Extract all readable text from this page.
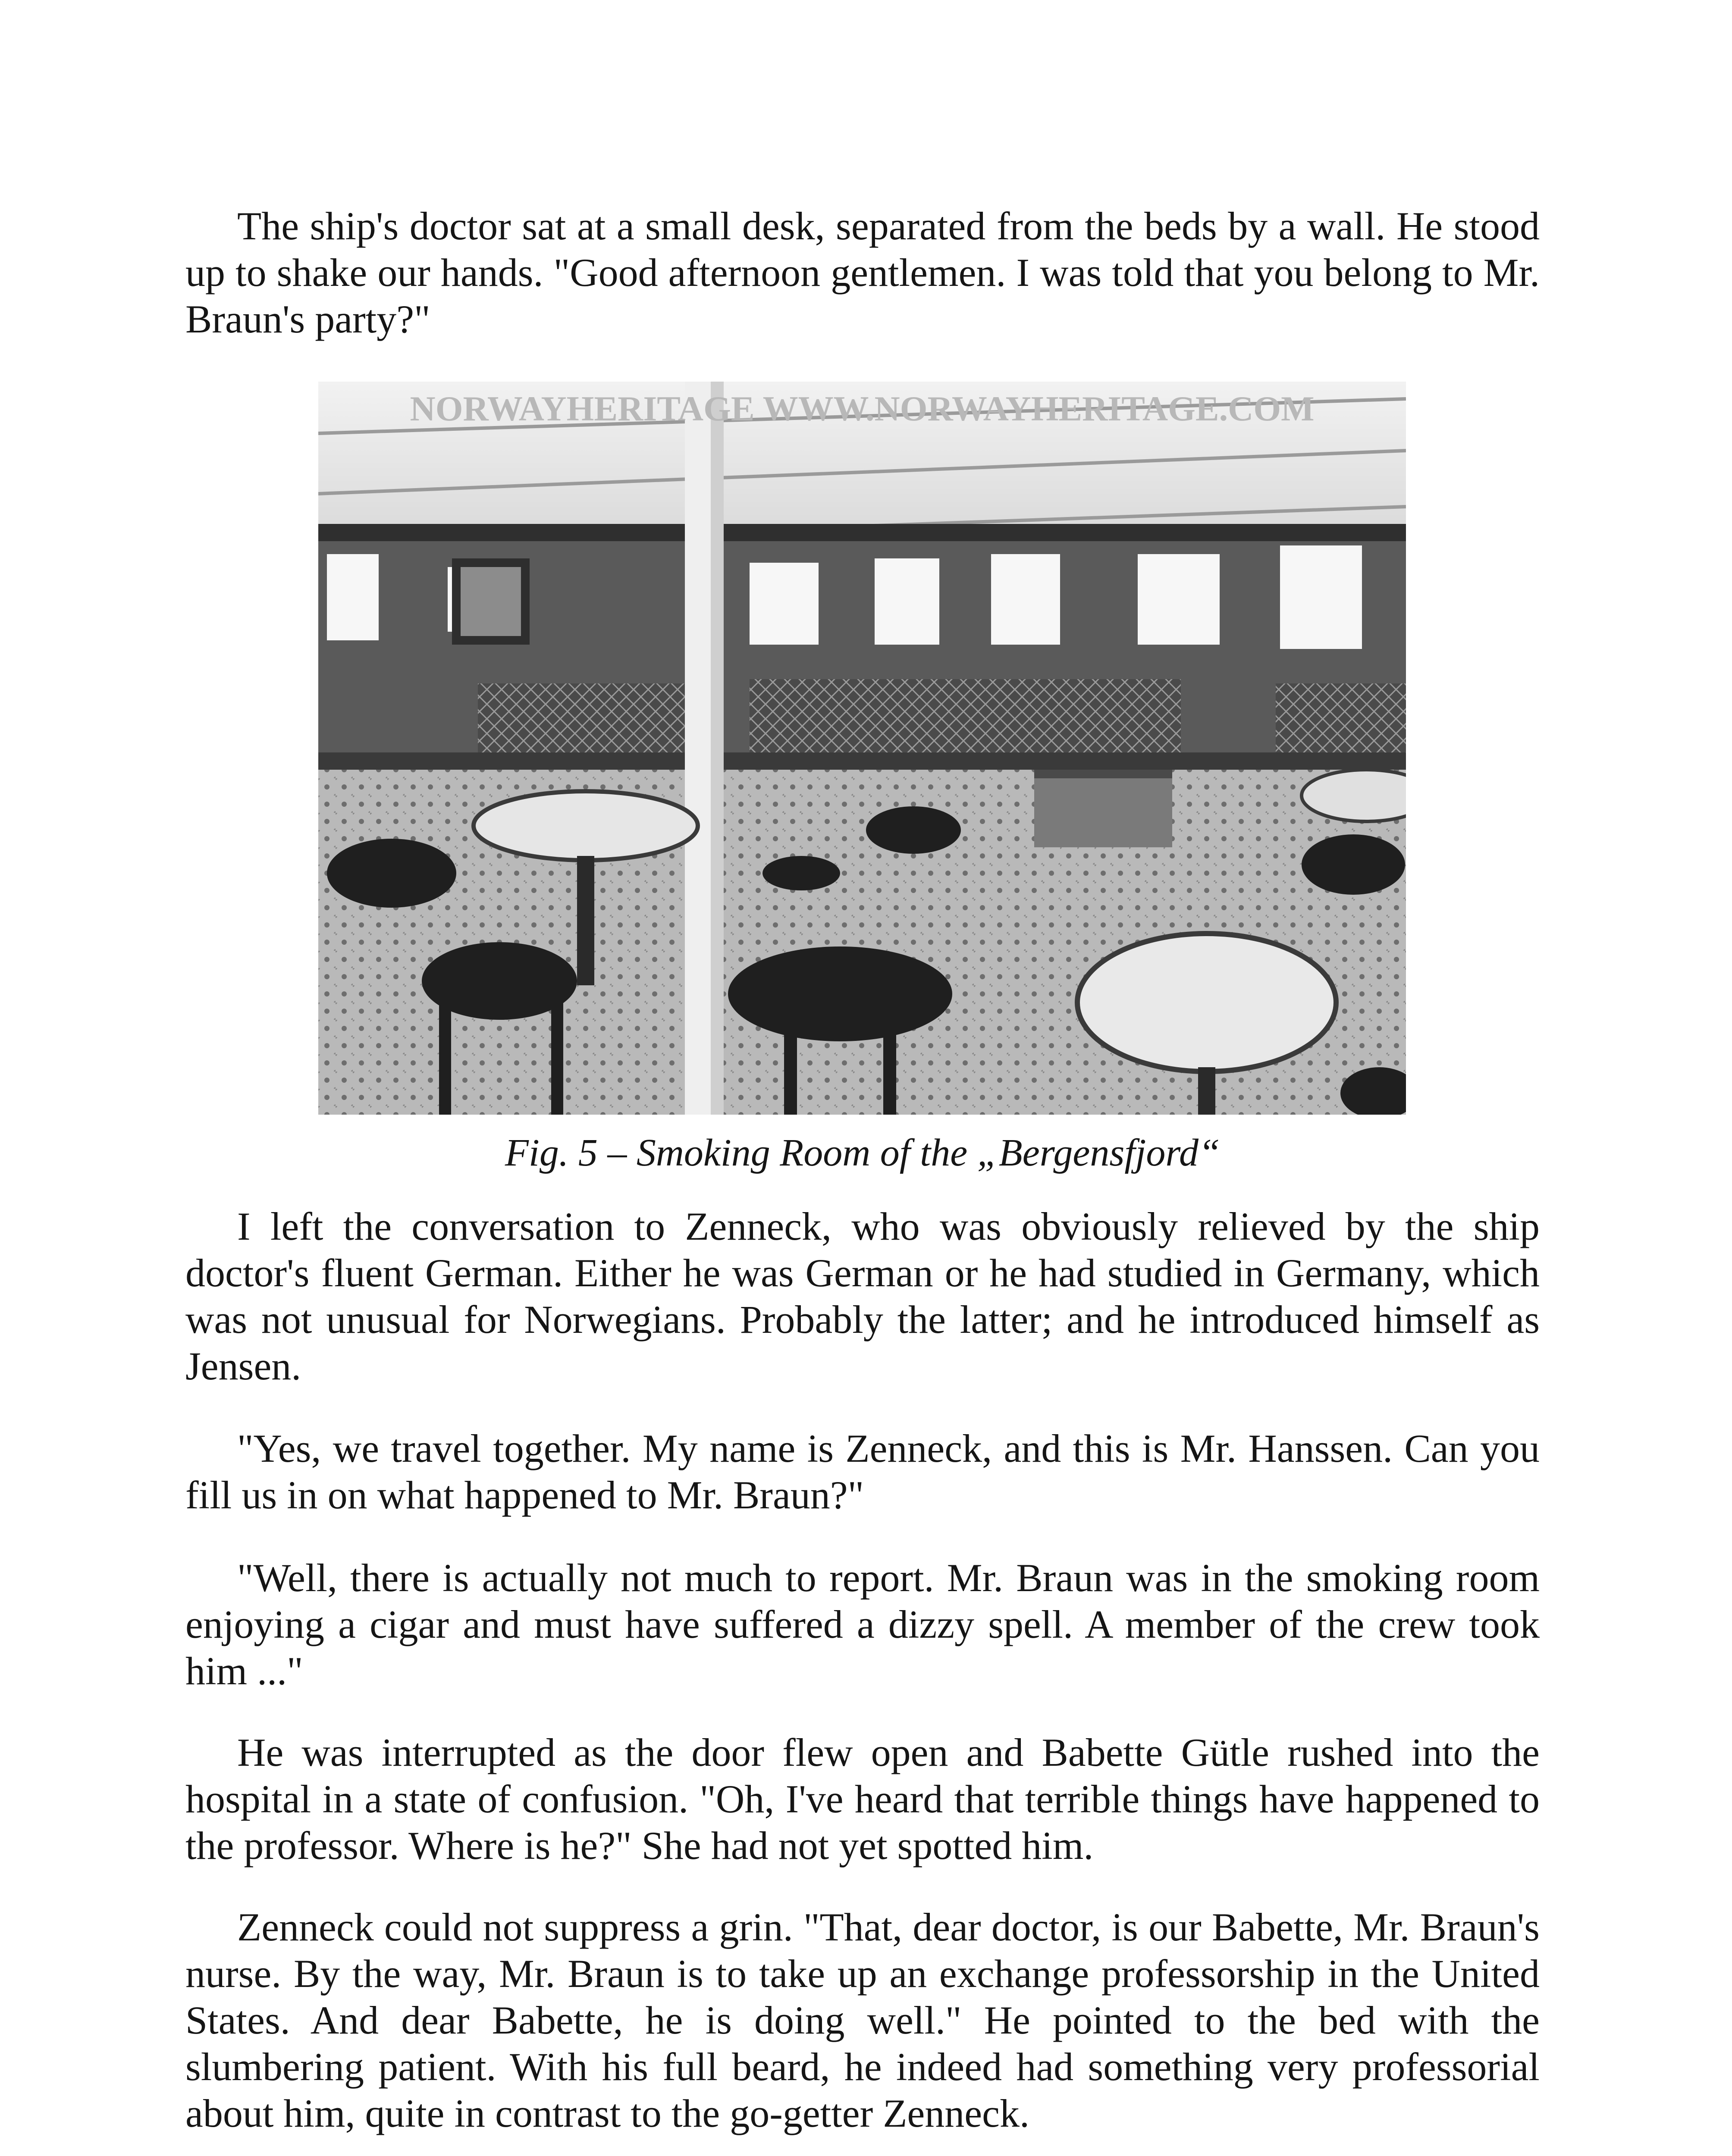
The ship's doctor sat at a small desk, separated from the beds by a wall. He stood up to shake our hands. "Good afternoon gentlemen. I was told that you belong to Mr. Braun's party?"

NORWAYHERITAGE WWW.NORWAYHERITAGE.COM
Fig. 5 – Smoking Room of the „Bergensfjord“

I left the conversation to Zenneck, who was obviously relieved by the ship doctor's fluent German. Either he was German or he had studied in Germany, which was not unusual for Norwegians. Probably the latter; and he introduced himself as Jensen.

"Yes, we travel together. My name is Zenneck, and this is Mr. Hanssen. Can you fill us in on what happened to Mr. Braun?"

"Well, there is actually not much to report. Mr. Braun was in the smoking room enjoying a cigar and must have suffered a dizzy spell. A member of the crew took him ..."

He was interrupted as the door flew open and Babette Gütle rushed into the hospital in a state of confusion. "Oh, I've heard that terrible things have happened to the professor. Where is he?" She had not yet spotted him.

Zenneck could not suppress a grin. "That, dear doctor, is our Babette, Mr. Braun's nurse. By the way, Mr. Braun is to take up an exchange professorship in the United States. And dear Babette, he is doing well." He pointed to the bed with the slumbering patient. With his full beard, he indeed had something very professorial about him, quite in contrast to the go-getter Zenneck.
